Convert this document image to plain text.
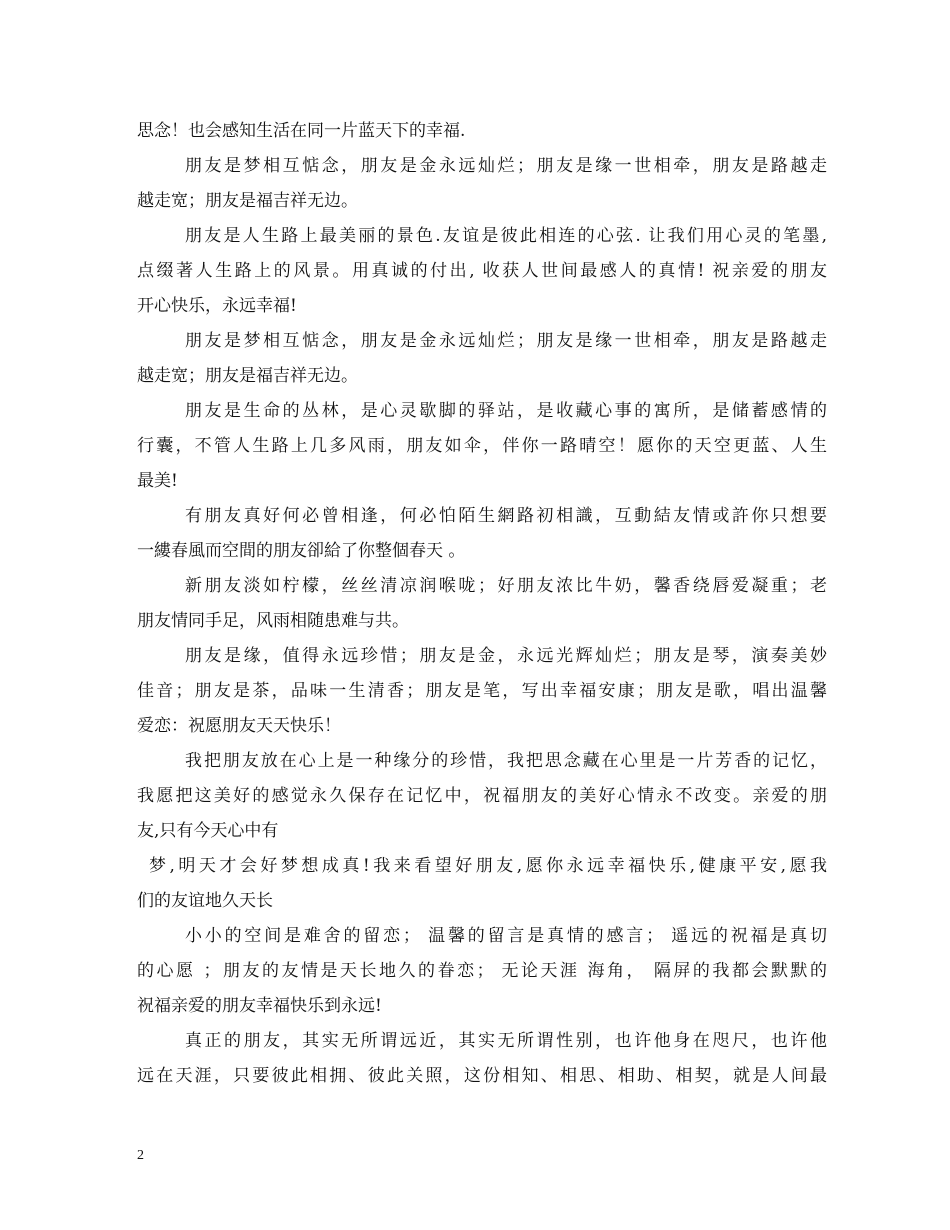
思念！也会感知生活在同一片蓝天下的幸福.
朋友是梦相互惦念，朋友是金永远灿烂；朋友是缘一世相牵，朋友是路越走
越走宽；朋友是福吉祥无边。
朋友是人生路上最美丽的景色.友谊是彼此相连的心弦. 让我们用心灵的笔墨,
点缀著人生路上的风景。用真诚的付出, 收获人世间最感人的真情! 祝亲爱的朋友
开心快乐，永远幸福!
朋友是梦相互惦念，朋友是金永远灿烂；朋友是缘一世相牵，朋友是路越走
越走宽；朋友是福吉祥无边。
朋友是生命的丛林，是心灵歇脚的驿站，是收藏心事的寓所，是储蓄感情的
行囊，不管人生路上几多风雨，朋友如伞，伴你一路晴空！愿你的天空更蓝、人生
最美!
有朋友真好何必曾相逢，何必怕陌生網路初相識，互動結友情或許你只想要
一縷春風而空間的朋友卻給了你整個春天 。
新朋友淡如柠檬，丝丝清凉润喉咙；好朋友浓比牛奶，馨香绕唇爱凝重；老
朋友情同手足，风雨相随患难与共。
朋友是缘，值得永远珍惜；朋友是金，永远光辉灿烂；朋友是琴，演奏美妙
佳音；朋友是茶，品味一生清香；朋友是笔，写出幸福安康；朋友是歌，唱出温馨
爱恋：祝愿朋友天天快乐！
我把朋友放在心上是一种缘分的珍惜，我把思念藏在心里是一片芳香的记忆，
我愿把这美好的感觉永久保存在记忆中，祝福朋友的美好心情永不改变。亲爱的朋
友,只有今天心中有
梦,明天才会好梦想成真!我来看望好朋友,愿你永远幸福快乐,健康平安,愿我
们的友谊地久天长
小小的空间是难舍的留恋； 温馨的留言是真情的感言； 遥远的祝福是真切
的心愿 ；朋友的友情是天长地久的眷恋； 无论天涯 海角， 隔屏的我都会默默的
祝福亲爱的朋友幸福快乐到永远!
真正的朋友，其实无所谓远近，其实无所谓性别，也许他身在咫尺，也许他
远在天涯，只要彼此相拥、彼此关照，这份相知、相思、相助、相契，就是人间最
2
